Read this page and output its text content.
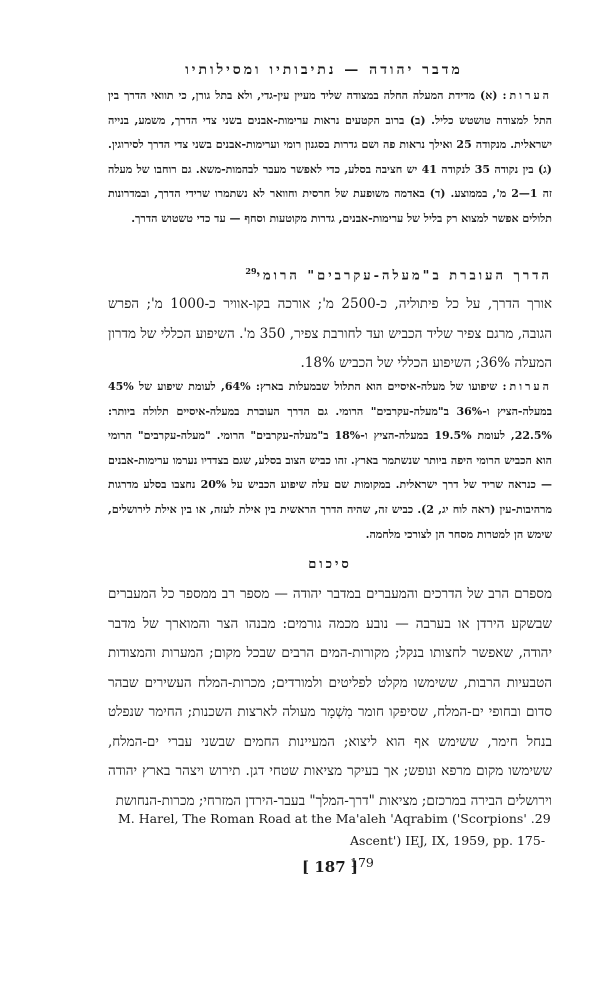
מדבר יהודה — נתיבותיו ומסילותיו
הערות: (א) מדידת המעלה החלה במצודה שליד מעיין עין-גדי, ולא בתל גורן, כי תוואי הדרך בין התל למצודה טושטש כליל. (ב) ברוב הקטעים נראות ערימות-אבנים בשני צדי הדרך, משמע, בנייה ישראלית. מנקודה 25 ואילך נראות פה ושם גדרות בסגנון רומי וערימות-אבנים בשני צדי הדרך לסירוגין. (ג) בין נקודה 35 לנקודה 41 יש חציבה בסלע, כדי לאפשר מעבר לבהמות-משא. גם רוחבו של מעלה זה 1—2 מ', בממוצע. (ד) באדמה משופעת של חרסית וחוואר לא נשתמרו שרידי הדרך, ובמדרונות תלולים אפשר למצוא רק בליל של ערימות-אבנים, גדרות מקוטעות וסחף — עד כדי טשטוש הדרך.
הדרך העוברת ב"מעלה-עקרבים" הרומי$^{29}$
אורך הדרך, על כל פיתוליה, כ-2500 מ'; אורכה בקו-אוויר כ-1000 מ'; הפרש הגובה, מרגם צפיר שליד הכביש ועד לחורבת צפיר, 350 מ'. השיפוע הכללי של מדרון המעלה 36%; השיפוע הכללי של הכביש 18%.
הערות: שיפועו של מעלה-איסיים הוא התלול שבמעלות בארץ: 64%, לעומת שיפוע של 45% במעלה-הציץ ו-36% ב"מעלה-עקרבים" הרומי. גם הדרך העוברת במעלה-איסיים תלולה ביותר: 22.5%, לעומת 19.5% במעלה-הציץ ו-18% ב"מעלה-עקרבים" הרומי. "מעלה-עקרבים" הרומי הוא הכביש הרומי היפה ביותר שנשתמר בארץ. זהו כביש הצוב בסלע, שגם בצדדיו נערמו ערימות-אבנים — כנראה שריד של דרך ישראלית. במקומות שם עלה שיפוע הכביש על 20% נחצבו בסלע מדרגות מרהיבות-עין (ראה לוח יג, 2). כביש זה, שהיה הדרך הראשית בין אילת לעזה, או בין אילת לירושלים, שימש הן למטרות מסחר הן לצורכי מלחמה.
סיכום
מספרם הרב של הדרכים והמעברים במדבר יהודה — מספר רב ממספר כל המעברים שבשקע הירדן או בערבה — נובע מכמה גורמים: מבנהו הצר והמוארך של מדבר יהודה, שאפשר לחצותו בנקל; מקורות-המים הרבים שבכל מקום; המערות והמצודות הטבעיות הרבות, ששימשו מקלט לפליטים ולמורדים; מכרות-המלח העשירים שבהר סדום ובחופי ים-המלח, שסיפקו חומר מִשְׁמָר מעולה לארצות השכנות; החימר שנפלט בנחל חימר, ששימש אף הוא ליצוא; המעיינות החמים שבשני עברי ים-המלח, ששימשו מקום מרפא ונופש; אך בעיקר מציאות שטחי דגן. תירוש ויצהר בארץ יהודה וירושלים הבירה במרכזם; מציאות "דרך-המלך" בעבר-הירדן המזרחי; מכרות-הנחושת
M. Harel, The Roman Road at the Ma'aleh 'Aqrabim ('Scorpions' .29
Ascent') IEJ, IX, 1959, pp. 175-179
[ 187 ]
